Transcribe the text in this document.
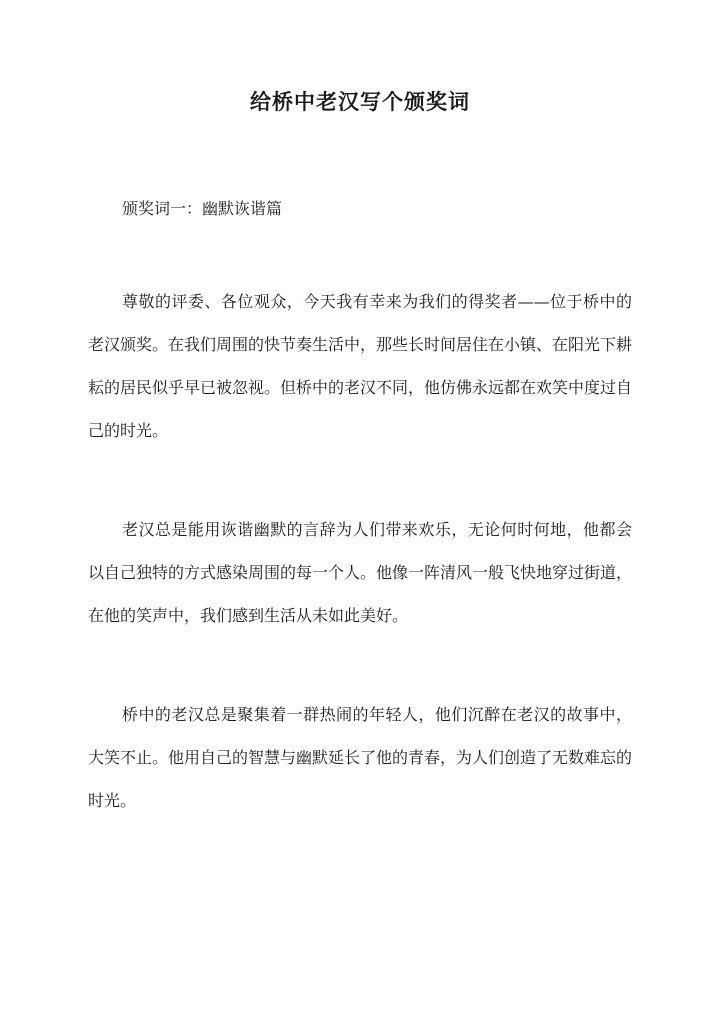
给桥中老汉写个颁奖词

颁奖词一：幽默诙谐篇

尊敬的评委、各位观众，今天我有幸来为我们的得奖者——位于桥中的老汉颁奖。在我们周围的快节奏生活中，那些长时间居住在小镇、在阳光下耕耘的居民似乎早已被忽视。但桥中的老汉不同，他仿佛永远都在欢笑中度过自己的时光。

老汉总是能用诙谐幽默的言辞为人们带来欢乐，无论何时何地，他都会以自己独特的方式感染周围的每一个人。他像一阵清风一般飞快地穿过街道，在他的笑声中，我们感到生活从未如此美好。

桥中的老汉总是聚集着一群热闹的年轻人，他们沉醉在老汉的故事中，大笑不止。他用自己的智慧与幽默延长了他的青春，为人们创造了无数难忘的时光。
